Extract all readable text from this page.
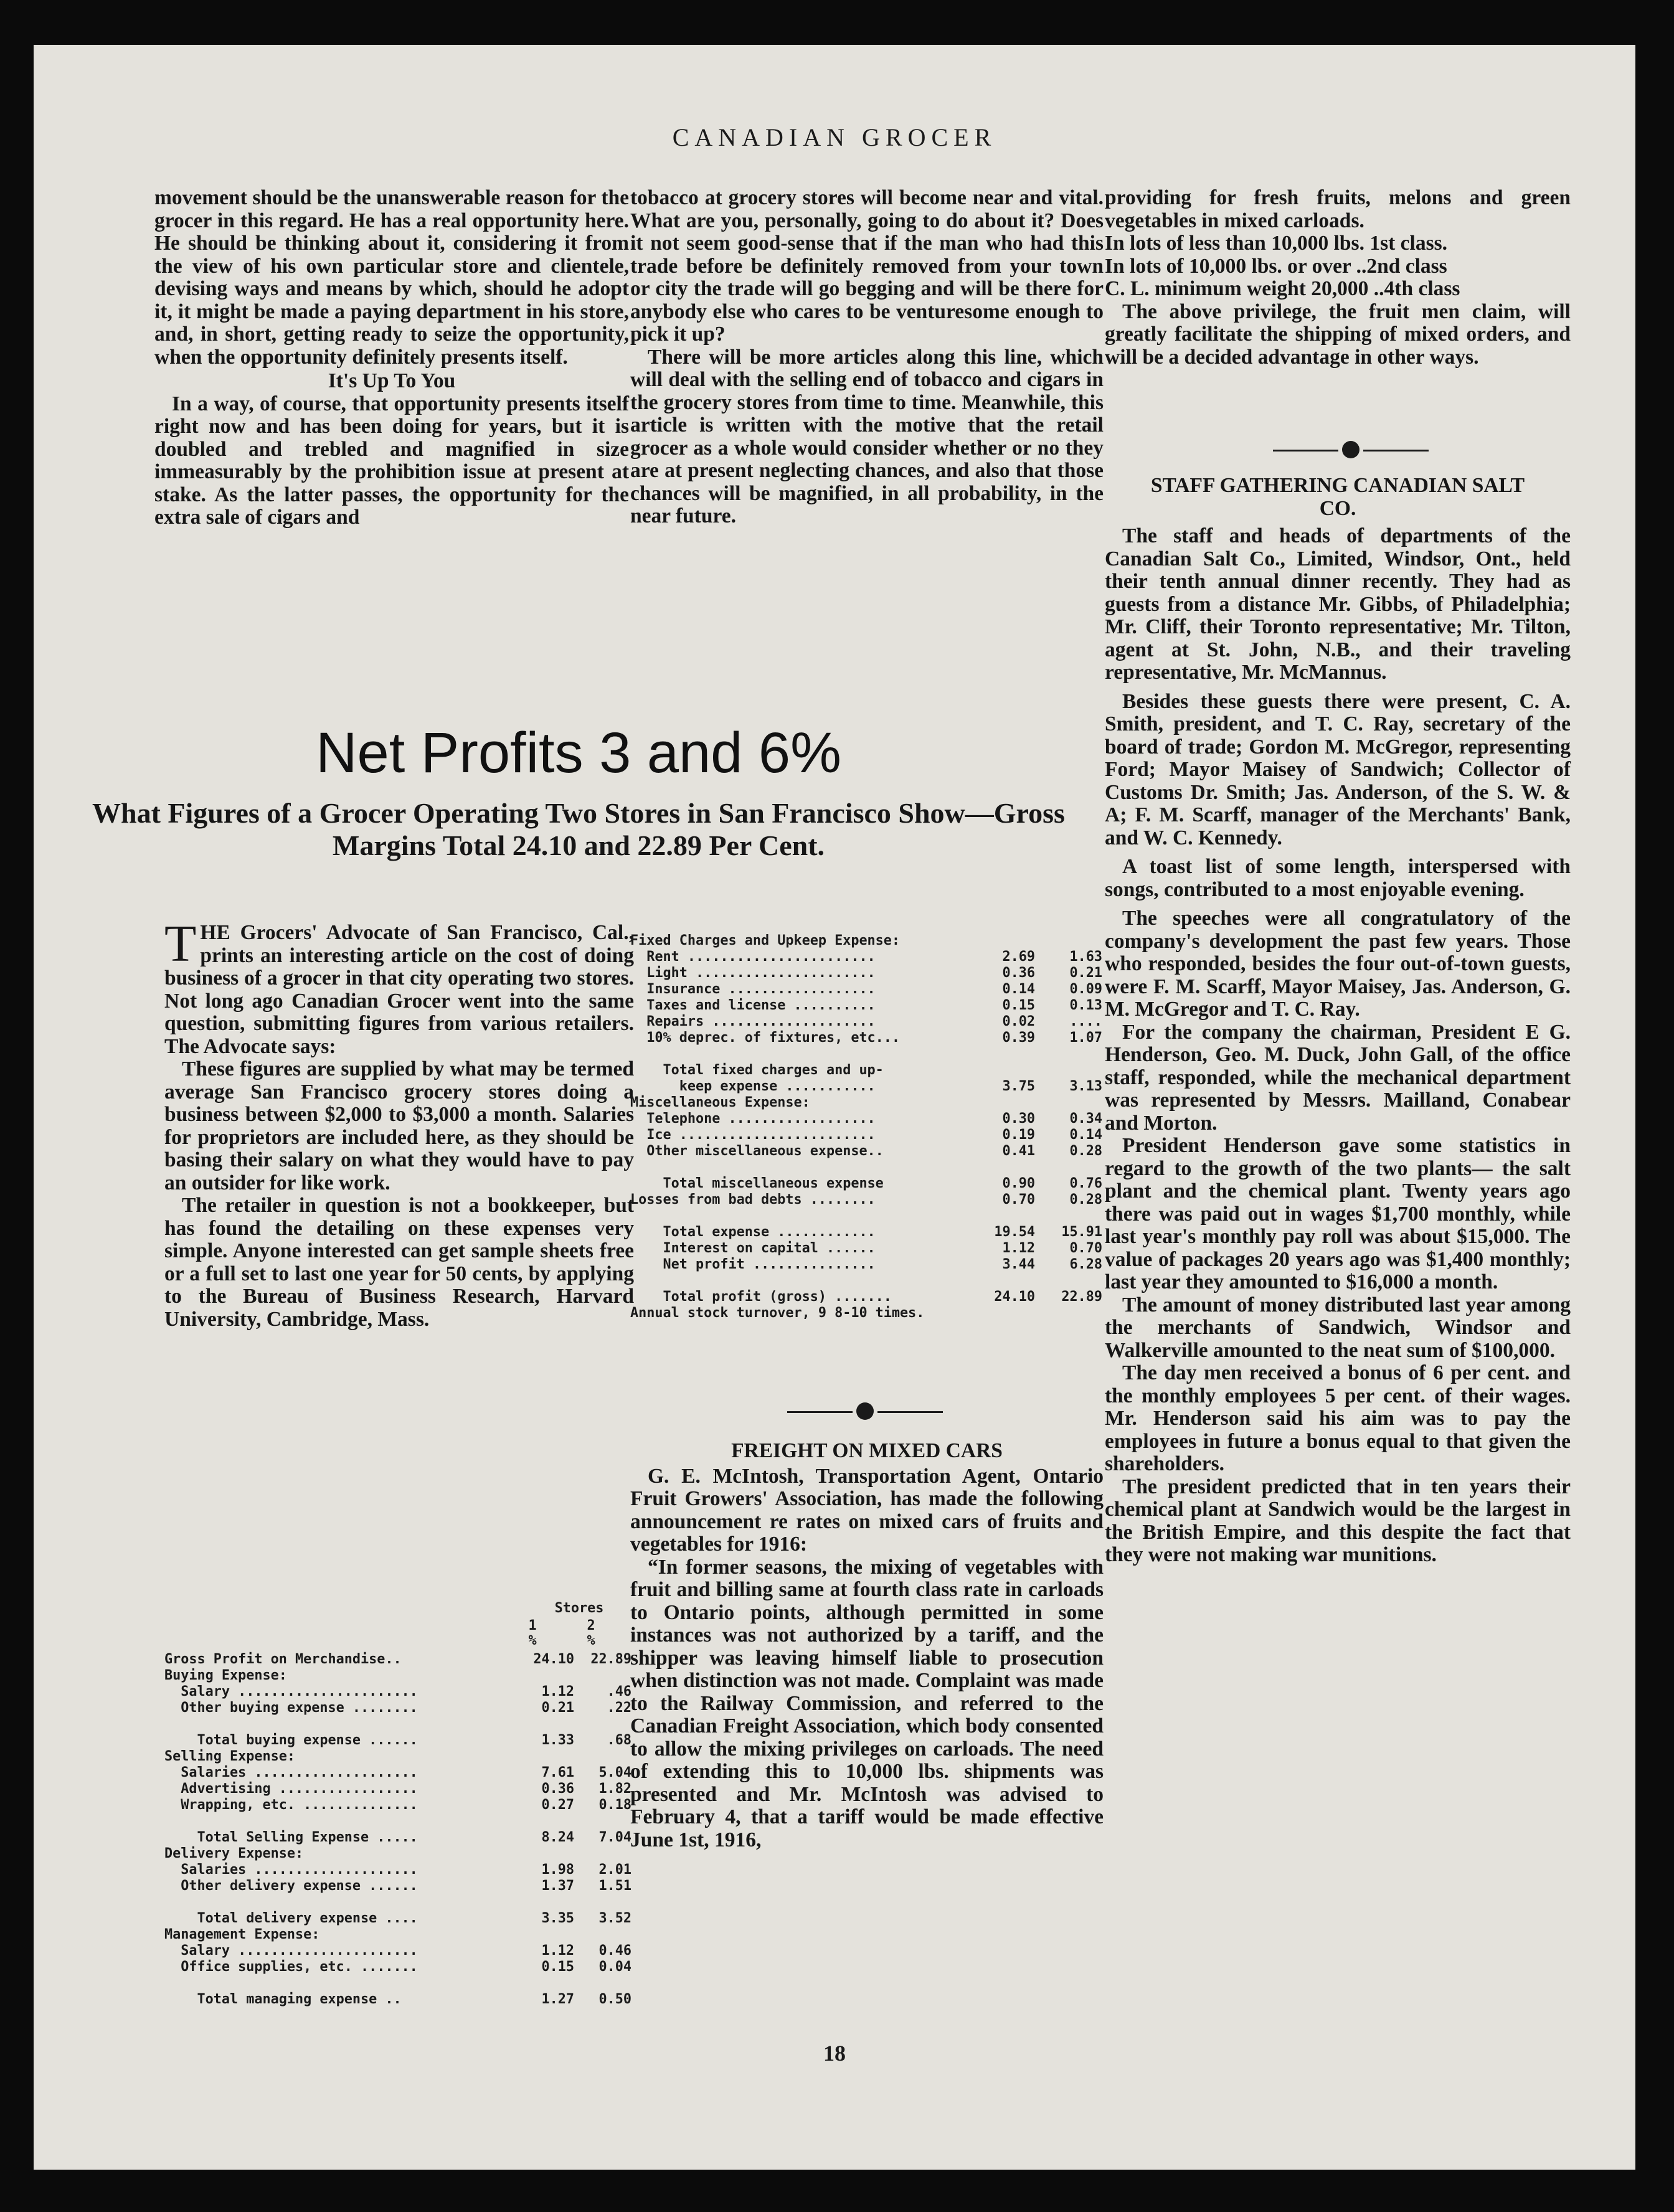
CANADIAN GROCER

movement should be the unanswerable reason for the grocer in this regard. He has a real opportunity here. He should be thinking about it, considering it from the view of his own particular store and clientele, devising ways and means by which, should he adopt it, it might be made a paying department in his store, and, in short, getting ready to seize the opportunity, when the opportunity definitely presents itself.

It's Up To You

In a way, of course, that opportunity presents itself right now and has been doing for years, but it is doubled and trebled and magnified in size immeasurably by the prohibition issue at present at stake. As the latter passes, the opportunity for the extra sale of cigars and

tobacco at grocery stores will become near and vital. What are you, personally, going to do about it? Does it not seem good-sense that if the man who had this trade before be definitely removed from your town or city the trade will go begging and will be there for anybody else who cares to be venturesome enough to pick it up?

There will be more articles along this line, which will deal with the selling end of tobacco and cigars in the grocery stores from time to time. Meanwhile, this article is written with the motive that the retail grocer as a whole would consider whether or no they are at present neglecting chances, and also that those chances will be magnified, in all probability, in the near future.

Net Profits 3 and 6%
What Figures of a Grocer Operating Two Stores in San Francisco Show—Gross Margins Total 24.10 and 22.89 Per Cent.

THE Grocers' Advocate of San Francisco, Cal., prints an interesting article on the cost of doing business of a grocer in that city operating two stores. Not long ago Canadian Grocer went into the same question, submitting figures from various retailers. The Advocate says:

These figures are supplied by what may be termed average San Francisco grocery stores doing a business between $2,000 to $3,000 a month. Salaries for proprietors are included here, as they should be basing their salary on what they would have to pay an outsider for like work.

The retailer in question is not a bookkeeper, but has found the detailing on these expenses very simple. Anyone interested can get sample sheets free or a full set to last one year for 50 cents, by applying to the Bureau of Business Research, Harvard University, Cambridge, Mass.

Stores
1	2
%	%
Gross Profit on Merchandise..	24.10	22.89
Buying Expense:
Salary ......................	1.12	.46
Other buying expense ........	0.21	.22
Total buying expense ......	1.33	.68
Selling Expense:
Salaries ....................	7.61	5.04
Advertising .................	0.36	1.82
Wrapping, etc. ..............	0.27	0.18
Total Selling Expense .....	8.24	7.04
Delivery Expense:
Salaries ....................	1.98	2.01
Other delivery expense ......	1.37	1.51
Total delivery expense ....	3.35	3.52
Management Expense:
Salary ......................	1.12	0.46
Office supplies, etc. .......	0.15	0.04
Total managing expense ..	1.27	0.50
Fixed Charges and Upkeep Expense:
Rent .......................	2.69	1.63
Light ......................	0.36	0.21
Insurance ..................	0.14	0.09
Taxes and license ..........	0.15	0.13
Repairs ....................	0.02	....
10% deprec. of fixtures, etc...	0.39	1.07
Total fixed charges and up-
keep expense ...........	3.75	3.13
Miscellaneous Expense:
Telephone ..................	0.30	0.34
Ice ........................	0.19	0.14
Other miscellaneous expense..	0.41	0.28
Total miscellaneous expense	0.90	0.76
Losses from bad debts ........	0.70	0.28
Total expense ............	19.54	15.91
Interest on capital ......	1.12	0.70
Net profit ...............	3.44	6.28
Total profit (gross) .......	24.10	22.89
Annual stock turnover, 9 8-10 times.

FREIGHT ON MIXED CARS

G. E. McIntosh, Transportation Agent, Ontario Fruit Growers' Association, has made the following announcement re rates on mixed cars of fruits and vegetables for 1916:

“In former seasons, the mixing of vegetables with fruit and billing same at fourth class rate in carloads to Ontario points, although permitted in some instances was not authorized by a tariff, and the shipper was leaving himself liable to prosecution when distinction was not made. Complaint was made to the Railway Commission, and referred to the Canadian Freight Association, which body consented to allow the mixing privileges on carloads. The need of extending this to 10,000 lbs. shipments was presented and Mr. McIntosh was advised to February 4, that a tariff would be made effective June 1st, 1916,

providing for fresh fruits, melons and green vegetables in mixed carloads.

In lots of less than 10,000 lbs. 1st class.

In lots of 10,000 lbs. or over ..2nd class

C. L. minimum weight 20,000 ..4th class

The above privilege, the fruit men claim, will greatly facilitate the shipping of mixed orders, and will be a decided advantage in other ways.

STAFF GATHERING CANADIAN SALT CO.

The staff and heads of departments of the Canadian Salt Co., Limited, Windsor, Ont., held their tenth annual dinner recently. They had as guests from a distance Mr. Gibbs, of Philadelphia; Mr. Cliff, their Toronto representative; Mr. Tilton, agent at St. John, N.B., and their traveling representative, Mr. McMannus.

Besides these guests there were present, C. A. Smith, president, and T. C. Ray, secretary of the board of trade; Gordon M. McGregor, representing Ford; Mayor Maisey of Sandwich; Collector of Customs Dr. Smith; Jas. Anderson, of the S. W. & A; F. M. Scarff, manager of the Merchants' Bank, and W. C. Kennedy.

A toast list of some length, interspersed with songs, contributed to a most enjoyable evening.

The speeches were all congratulatory of the company's development the past few years. Those who responded, besides the four out-of-town guests, were F. M. Scarff, Mayor Maisey, Jas. Anderson, G. M. McGregor and T. C. Ray.

For the company the chairman, President E G. Henderson, Geo. M. Duck, John Gall, of the office staff, responded, while the mechanical department was represented by Messrs. Mailland, Conabear and Morton.

President Henderson gave some statistics in regard to the growth of the two plants— the salt plant and the chemical plant. Twenty years ago there was paid out in wages $1,700 monthly, while last year's monthly pay roll was about $15,000. The value of packages 20 years ago was $1,400 monthly; last year they amounted to $16,000 a month.

The amount of money distributed last year among the merchants of Sandwich, Windsor and Walkerville amounted to the neat sum of $100,000.

The day men received a bonus of 6 per cent. and the monthly employees 5 per cent. of their wages. Mr. Henderson said his aim was to pay the employees in future a bonus equal to that given the shareholders.

The president predicted that in ten years their chemical plant at Sandwich would be the largest in the British Empire, and this despite the fact that they were not making war munitions.

18
